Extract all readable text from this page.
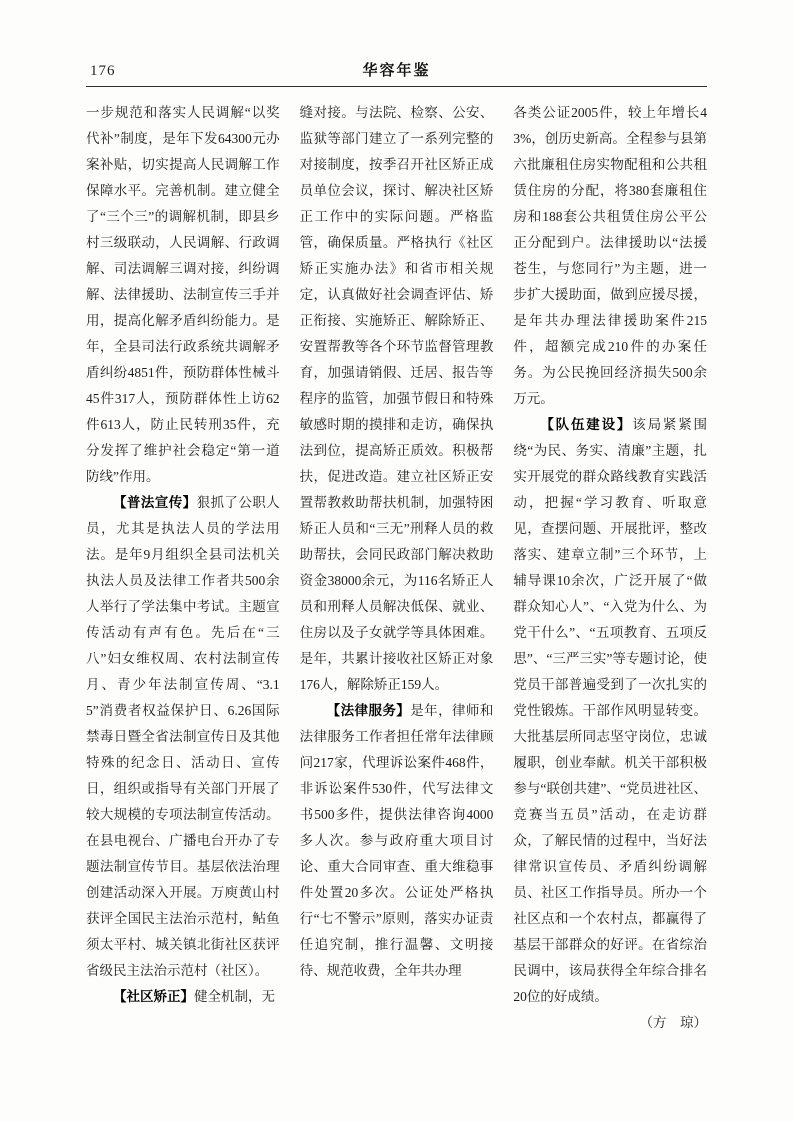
176	华容年鉴

一步规范和落实人民调解“以奖代补”制度，是年下发64300元办案补贴，切实提高人民调解工作保障水平。完善机制。建立健全了“三个三”的调解机制，即县乡村三级联动，人民调解、行政调解、司法调解三调对接，纠纷调解、法律援助、法制宣传三手并用，提高化解矛盾纠纷能力。是年，全县司法行政系统共调解矛盾纠纷4851件，预防群体性械斗45件317人，预防群体性上访62件613人，防止民转刑35件，充分发挥了维护社会稳定“第一道防线”作用。

【普法宣传】狠抓了公职人员，尤其是执法人员的学法用法。是年9月组织全县司法机关执法人员及法律工作者共500余人举行了学法集中考试。主题宣传活动有声有色。先后在“三八”妇女维权周、农村法制宣传月、青少年法制宣传周、“3.15”消费者权益保护日、6.26国际禁毒日暨全省法制宣传日及其他特殊的纪念日、活动日、宣传日，组织或指导有关部门开展了较大规模的专项法制宣传活动。在县电视台、广播电台开办了专题法制宣传节目。基层依法治理创建活动深入开展。万庾黄山村获评全国民主法治示范村，鲇鱼须太平村、城关镇北街社区获评省级民主法治示范村（社区）。

【社区矫正】健全机制，无

缝对接。与法院、检察、公安、监狱等部门建立了一系列完整的对接制度，按季召开社区矫正成员单位会议，探讨、解决社区矫正工作中的实际问题。严格监管，确保质量。严格执行《社区矫正实施办法》和省市相关规定，认真做好社会调查评估、矫正衔接、实施矫正、解除矫正、安置帮教等各个环节监督管理教育，加强请销假、迁居、报告等程序的监管，加强节假日和特殊敏感时期的摸排和走访，确保执法到位，提高矫正质效。积极帮扶，促进改造。建立社区矫正安置帮教救助帮扶机制，加强特困矫正人员和“三无”刑释人员的救助帮扶，会同民政部门解决救助资金38000余元，为116名矫正人员和刑释人员解决低保、就业、住房以及子女就学等具体困难。是年，共累计接收社区矫正对象176人，解除矫正159人。

【法律服务】是年，律师和法律服务工作者担任常年法律顾问217家，代理诉讼案件468件，非诉讼案件530件，代写法律文书500多件，提供法律咨询4000多人次。参与政府重大项目讨论、重大合同审查、重大维稳事件处置20多次。公证处严格执行“七不警示”原则，落实办证责任追究制，推行温馨、文明接待、规范收费，全年共办理

各类公证2005件，较上年增长43%，创历史新高。全程参与县第六批廉租住房实物配租和公共租赁住房的分配，将380套廉租住房和188套公共租赁住房公平公正分配到户。法律援助以“法援苍生，与您同行”为主题，进一步扩大援助面，做到应援尽援，是年共办理法律援助案件215件，超额完成210件的办案任务。为公民挽回经济损失500余万元。

【队伍建设】该局紧紧围绕“为民、务实、清廉”主题，扎实开展党的群众路线教育实践活动，把握“学习教育、听取意见，查摆问题、开展批评，整改落实、建章立制”三个环节，上辅导课10余次，广泛开展了“做群众知心人”、“入党为什么、为党干什么”、“五项教育、五项反思”、“三严三实”等专题讨论，使党员干部普遍受到了一次扎实的党性锻炼。干部作风明显转变。大批基层所同志坚守岗位，忠诚履职，创业奉献。机关干部积极参与“联创共建”、“党员进社区、竞赛当五员”活动，在走访群众，了解民情的过程中，当好法律常识宣传员、矛盾纠纷调解员、社区工作指导员。所办一个社区点和一个农村点，都赢得了基层干部群众的好评。在省综治民调中，该局获得全年综合排名20位的好成绩。

（方　琼）
